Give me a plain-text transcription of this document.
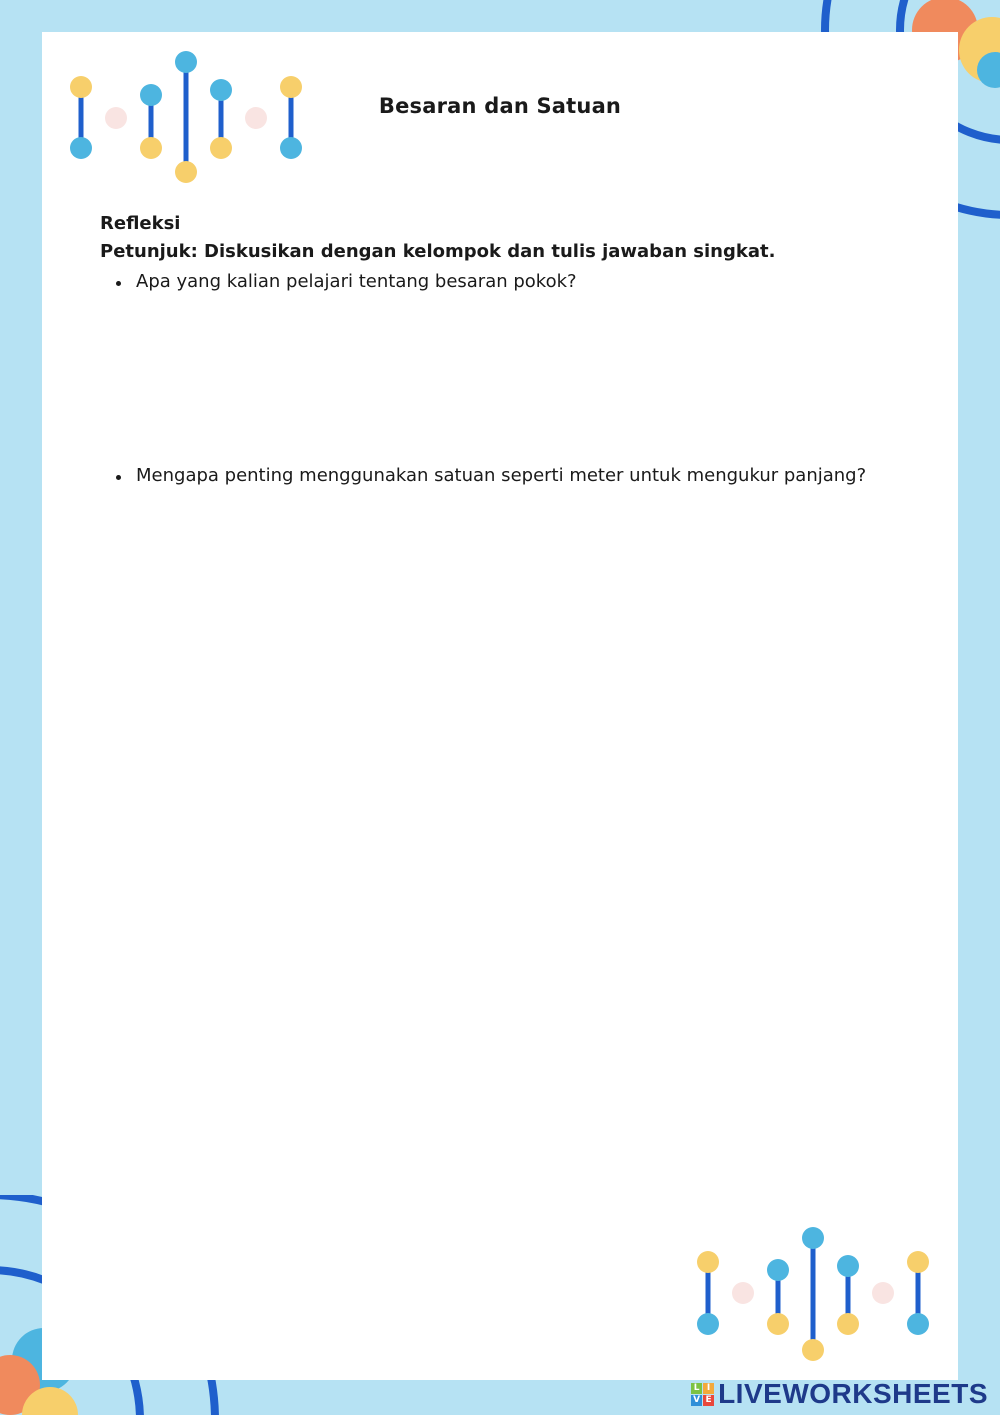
Besaran dan Satuan
Refleksi
Petunjuk: Diskusikan dengan kelompok dan tulis jawaban singkat.
Apa yang kalian pelajari tentang besaran pokok?
Mengapa penting menggunakan satuan seperti meter untuk mengukur panjang?
L I
V E LIVEWORKSHEETS
